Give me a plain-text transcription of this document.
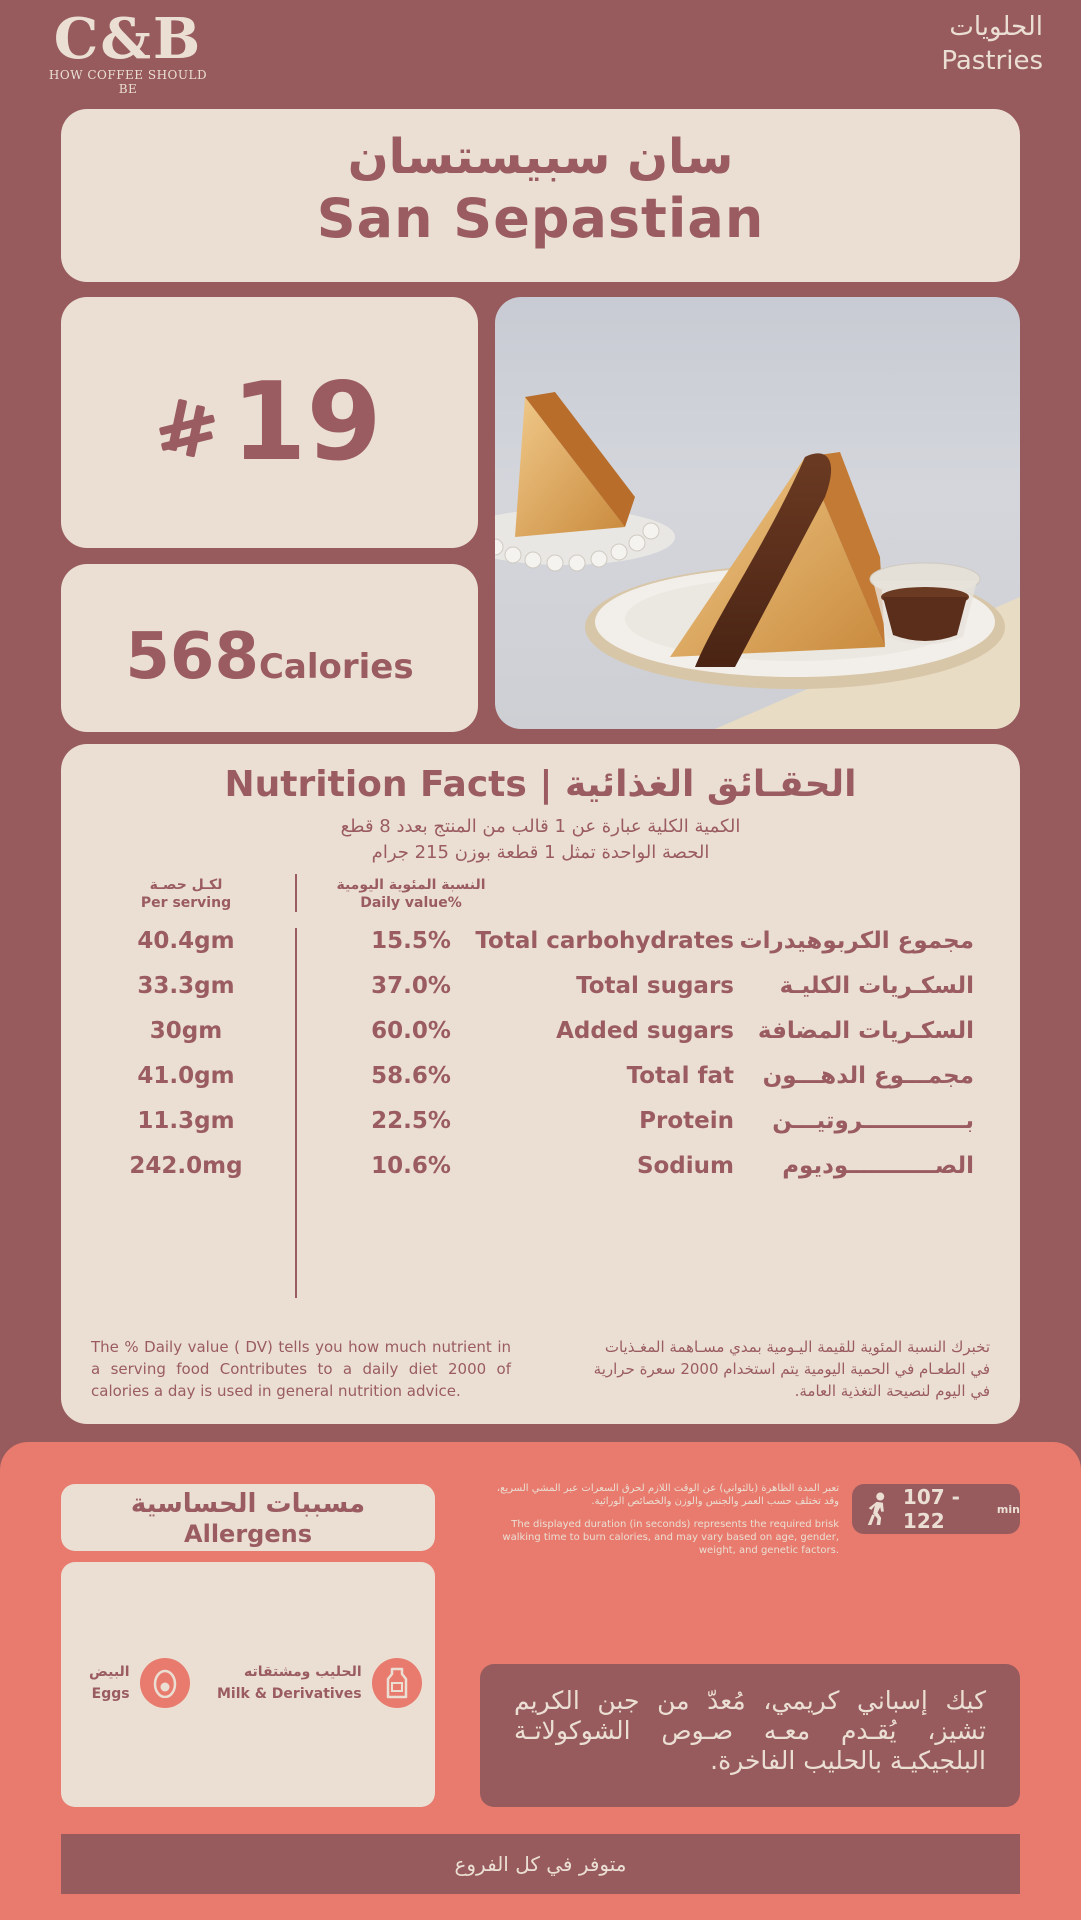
C&B
HOW COFFEE SHOULD BE
الحلويات
Pastries
سان سبيستسان
San Sepastian
19
568 Calories
Nutrition Facts | الحقـائق الغذائية
الكمية الكلية عبارة عن 1 قالب من المنتج بعدد 8 قطع
الحصة الواحدة تمثل 1 قطعة بوزن 215 جرام
لكـل حصـة
Per serving
النسبة المئوية اليومية
Daily value%
40.4gm	15.5%	Total carbohydrates مجموع الكربوهيدرات
33.3gm	37.0%	Total sugars السكـريات الكليـة
30gm	60.0%	Added sugars السكـريات المضافة
41.0gm	58.6%	Total fat مجمـــوع الدهـــون
11.3gm	22.5%	Protein بـــــــــــــروتيـــن
242.0mg	10.6%	Sodium الصـــــــــــوديوم
The % Daily value ( DV) tells you how much nutrient in a serving food Contributes to a daily diet 2000 of calories a day is used in general nutrition advice.
تخبرك النسبة المئوية للقيمة اليـومية بمدي مسـاهمة المغـذيات في الطعـام في الحمية اليومية يتم استخدام 2000 سعرة حرارية في اليوم لنصيحة التغذية العامة.
مسببات الحساسية
Allergens
البيض
Eggs
الحليب ومشتقاته
Milk & Derivatives
107 - 122	min
تعبر المدة الظاهرة (بالثواني) عن الوقت اللازم لحرق السعرات عبر المشي السريع، وقد تختلف حسب العمر والجنس والوزن والخصائص الوراثية.
The displayed duration (in seconds) represents the required brisk walking time to burn calories, and may vary based on age, gender, weight, and genetic factors.
كيك إسباني كريمي، مُعدّ من جبن الكريم تشيز، يُقـدم معـه صـوص الشوكولاتـة البلجيكيـة بالحليب الفاخرة.
متوفر في كل الفروع
